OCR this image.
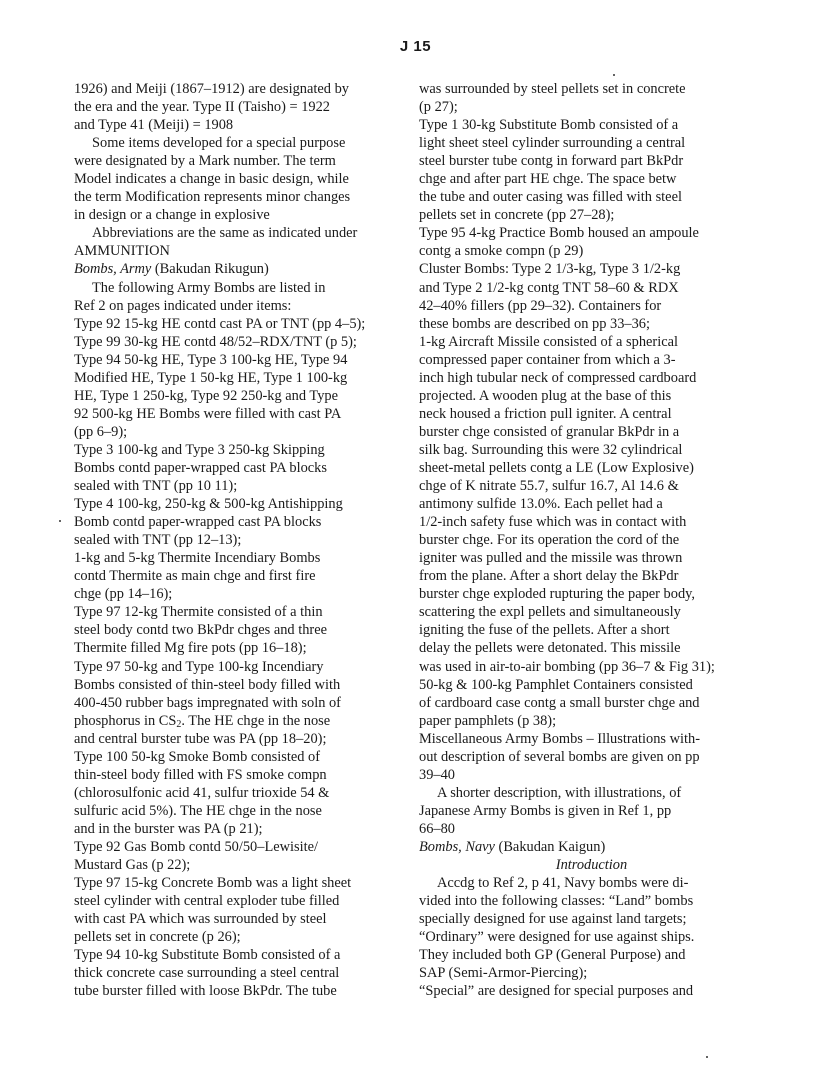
J 15
1926) and Meiji (1867–1912) are designated by
the era and the year. Type II (Taisho) = 1922
and Type 41 (Meiji) = 1908
Some items developed for a special purpose
were designated by a Mark number. The term
Model indicates a change in basic design, while
the term Modification represents minor changes
in design or a change in explosive
Abbreviations are the same as indicated under
AMMUNITION
Bombs, Army (Bakudan Rikugun)
The following Army Bombs are listed in
Ref 2 on pages indicated under items:
Type 92 15-kg HE contd cast PA or TNT (pp 4–5);
Type 99 30-kg HE contd 48/52–RDX/TNT (p 5);
Type 94 50-kg HE, Type 3 100-kg HE, Type 94
Modified HE, Type 1 50-kg HE, Type 1 100-kg
HE, Type 1 250-kg, Type 92 250-kg and Type
92 500-kg HE Bombs were filled with cast PA
(pp 6–9);
Type 3 100-kg and Type 3 250-kg Skipping
Bombs contd paper-wrapped cast PA blocks
sealed with TNT (pp 10 11);
Type 4 100-kg, 250-kg & 500-kg Antishipping
Bomb contd paper-wrapped cast PA blocks
sealed with TNT (pp 12–13);
1-kg and 5-kg Thermite Incendiary Bombs
contd Thermite as main chge and first fire
chge (pp 14–16);
Type 97 12-kg Thermite consisted of a thin
steel body contd two BkPdr chges and three
Thermite filled Mg fire pots (pp 16–18);
Type 97 50-kg and Type 100-kg Incendiary
Bombs consisted of thin-steel body filled with
400-450 rubber bags impregnated with soln of
phosphorus in $CS_2$. The HE chge in the nose
and central burster tube was PA (pp 18–20);
Type 100 50-kg Smoke Bomb consisted of
thin-steel body filled with FS smoke compn
(chlorosulfonic acid 41, sulfur trioxide 54 &
sulfuric acid 5%). The HE chge in the nose
and in the burster was PA (p 21);
Type 92 Gas Bomb contd 50/50–Lewisite/
Mustard Gas (p 22);
Type 97 15-kg Concrete Bomb was a light sheet
steel cylinder with central exploder tube filled
with cast PA which was surrounded by steel
pellets set in concrete (p 26);
Type 94 10-kg Substitute Bomb consisted of a
thick concrete case surrounding a steel central
tube burster filled with loose BkPdr. The tube
was surrounded by steel pellets set in concrete
(p 27);
Type 1 30-kg Substitute Bomb consisted of a
light sheet steel cylinder surrounding a central
steel burster tube contg in forward part BkPdr
chge and after part HE chge. The space betw
the tube and outer casing was filled with steel
pellets set in concrete (pp 27–28);
Type 95 4-kg Practice Bomb housed an ampoule
contg a smoke compn (p 29)
Cluster Bombs: Type 2 1/3-kg, Type 3 1/2-kg
and Type 2 1/2-kg contg TNT 58–60 & RDX
42–40% fillers (pp 29–32). Containers for
these bombs are described on pp 33–36;
1-kg Aircraft Missile consisted of a spherical
compressed paper container from which a 3-
inch high tubular neck of compressed cardboard
projected. A wooden plug at the base of this
neck housed a friction pull igniter. A central
burster chge consisted of granular BkPdr in a
silk bag. Surrounding this were 32 cylindrical
sheet-metal pellets contg a LE (Low Explosive)
chge of K nitrate 55.7, sulfur 16.7, Al 14.6 &
antimony sulfide 13.0%. Each pellet had a
1/2-inch safety fuse which was in contact with
burster chge. For its operation the cord of the
igniter was pulled and the missile was thrown
from the plane. After a short delay the BkPdr
burster chge exploded rupturing the paper body,
scattering the expl pellets and simultaneously
igniting the fuse of the pellets. After a short
delay the pellets were detonated. This missile
was used in air-to-air bombing (pp 36–7 & Fig 31);
50-kg & 100-kg Pamphlet Containers consisted
of cardboard case contg a small burster chge and
paper pamphlets (p 38);
Miscellaneous Army Bombs – Illustrations with-
out description of several bombs are given on pp
39–40
A shorter description, with illustrations, of
Japanese Army Bombs is given in Ref 1, pp
66–80
Bombs, Navy (Bakudan Kaigun)
Introduction
Accdg to Ref 2, p 41, Navy bombs were di-
vided into the following classes: “Land” bombs
specially designed for use against land targets;
“Ordinary” were designed for use against ships.
They included both GP (General Purpose) and
SAP (Semi-Armor-Piercing);
“Special” are designed for special purposes and
